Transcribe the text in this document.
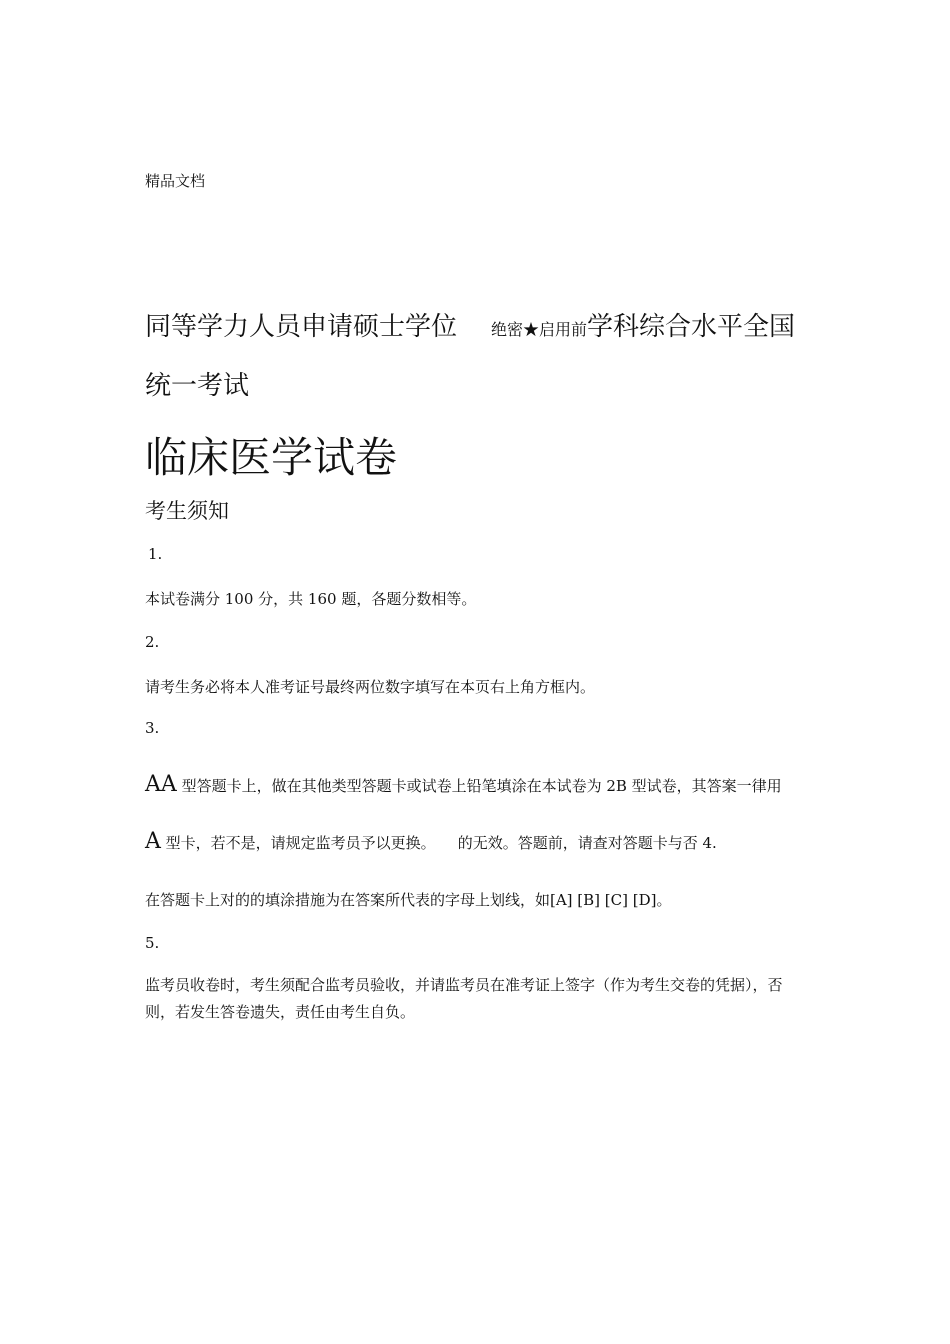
精品文档
同等学力人员申请硕士学位 绝密★启用前学科综合水平全国
统一考试
临床医学试卷
考生须知
1.
本试卷满分 100 分，共 160 题，各题分数相等。
2.
请考生务必将本人准考证号最终两位数字填写在本页右上角方框内。
3.
AA 型答题卡上，做在其他类型答题卡或试卷上铅笔填涂在本试卷为 2B 型试卷，其答案一律用
A 型卡，若不是，请规定监考员予以更换。 的无效。答题前，请查对答题卡与否 4.
在答题卡上对的的填涂措施为在答案所代表的字母上划线，如[A] [B] [C] [D]。
5.
监考员收卷时，考生须配合监考员验收，并请监考员在准考证上签字（作为考生交卷的凭据），否则，若发生答卷遗失，责任由考生自负。
